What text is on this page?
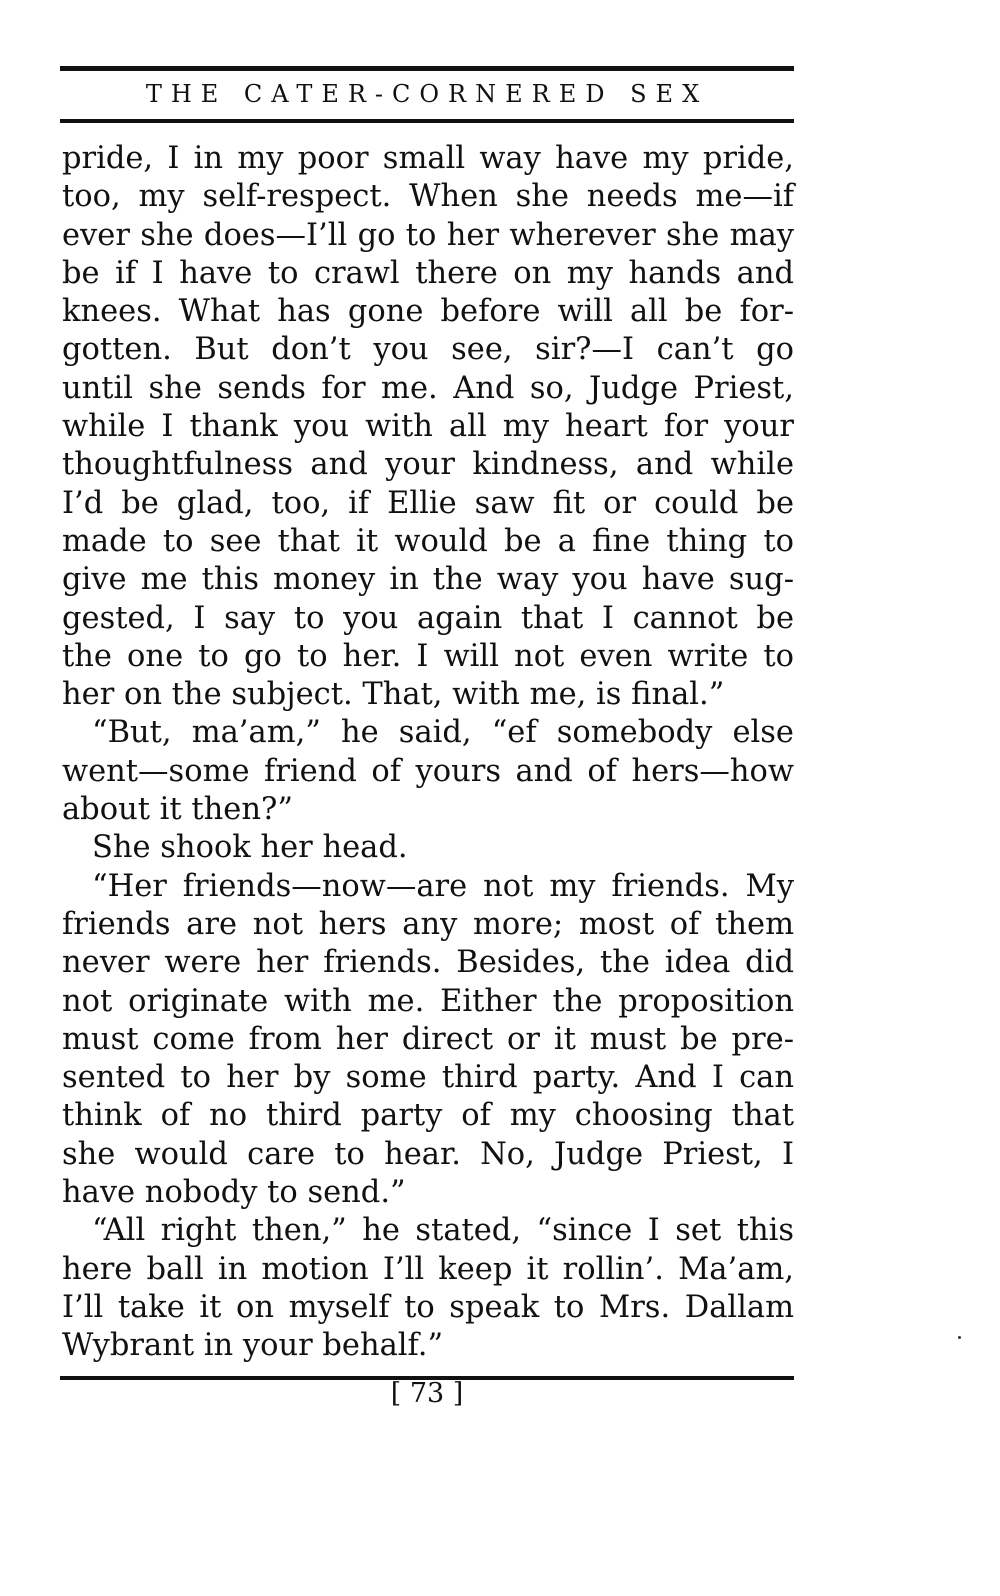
THE CATER-CORNERED SEX
pride, I in my poor small way have my pride,
too, my self-respect. When she needs me—if
ever she does—I’ll go to her wherever she may
be if I have to crawl there on my hands and
knees. What has gone before will all be for-
gotten. But don’t you see, sir?—I can’t go
until she sends for me. And so, Judge Priest,
while I thank you with all my heart for your
thoughtfulness and your kindness, and while
I’d be glad, too, if Ellie saw fit or could be
made to see that it would be a fine thing to
give me this money in the way you have sug-
gested, I say to you again that I cannot be
the one to go to her. I will not even write to
her on the subject. That, with me, is final.”
“But, ma’am,” he said, “ef somebody else
went—some friend of yours and of hers—how
about it then?”
She shook her head.
“Her friends—now—are not my friends. My
friends are not hers any more; most of them
never were her friends. Besides, the idea did
not originate with me. Either the proposition
must come from her direct or it must be pre-
sented to her by some third party. And I can
think of no third party of my choosing that
she would care to hear. No, Judge Priest, I
have nobody to send.”
“All right then,” he stated, “since I set this
here ball in motion I’ll keep it rollin’. Ma’am,
I’ll take it on myself to speak to Mrs. Dallam
Wybrant in your behalf.”
[ 73 ]
